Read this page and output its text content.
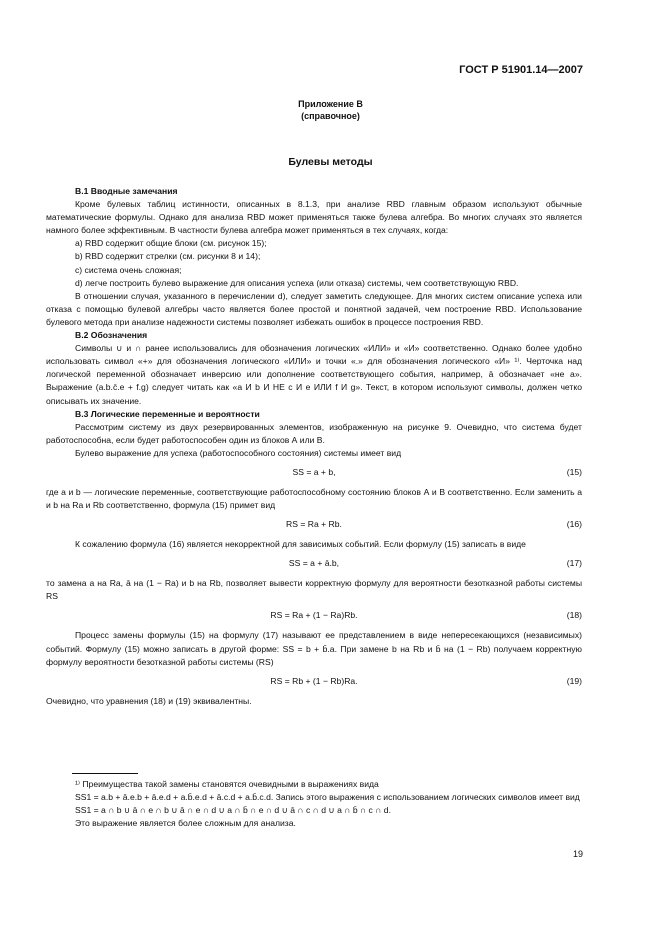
ГОСТ Р 51901.14—2007
Приложение В
(справочное)
Булевы методы

В.1 Вводные замечания

Кроме булевых таблиц истинности, описанных в 8.1.3, при анализе RBD главным образом используют обычные математические формулы. Однако для анализа RBD может применяться также булева алгебра. Во многих случаях это является намного более эффективным. В частности булева алгебра может применяться в тех случаях, когда:

a) RBD содержит общие блоки (см. рисунок 15);

b) RBD содержит стрелки (см. рисунки 8 и 14);

c) система очень сложная;

d) легче построить булево выражение для описания успеха (или отказа) системы, чем соответствующую RBD.

В отношении случая, указанного в перечислении d), следует заметить следующее. Для многих систем описание успеха или отказа с помощью булевой алгебры часто является более простой и понятной задачей, чем построение RBD. Использование булевого метода при анализе надежности системы позволяет избежать ошибок в процессе построения RBD.

В.2 Обозначения

Символы ∪ и ∩ ранее использовались для обозначения логических «ИЛИ» и «И» соответственно. Однако более удобно использовать символ «+» для обозначения логического «ИЛИ» и точки «.» для обозначения логического «И» ¹⁾. Черточка над логической переменной обозначает инверсию или дополнение соответствующего события, например, ā обозначает «не a». Выражение (a.b.c̄.e + f.g) следует читать как «a И b И НЕ c И e ИЛИ f И g». Текст, в котором используют символы, должен четко описывать их значение.

В.3 Логические переменные и вероятности

Рассмотрим систему из двух резервированных элементов, изображенную на рисунке 9. Очевидно, что система будет работоспособна, если будет работоспособен один из блоков А или В.

Булево выражение для успеха (работоспособного состояния) системы имеет вид

SS = a + b,	(15)

где a и b — логические переменные, соответствующие работоспособному состоянию блоков А и В соответственно. Если заменить a и b на Ra и Rb соответственно, формула (15) примет вид

RS = Ra + Rb.	(16)

К сожалению формула (16) является некорректной для зависимых событий. Если формулу (15) записать в виде

SS = a + ā.b,	(17)

то замена a на Ra, ā на (1 − Ra) и b на Rb, позволяет вывести корректную формулу для вероятности безотказной работы системы RS

RS = Ra + (1 − Ra)Rb.	(18)

Процесс замены формулы (15) на формулу (17) называют ее представлением в виде непересекающихся (независимых) событий. Формулу (15) можно записать в другой форме: SS = b + b̄.a. При замене b на Rb и b̄ на (1 − Rb) получаем корректную формулу вероятности безотказной работы системы (RS)

RS = Rb + (1 − Rb)Ra.	(19)

Очевидно, что уравнения (18) и (19) эквивалентны.

¹⁾ Преимущества такой замены становятся очевидными в выражениях вида

SS1 = a.b + ā.e.b + ā.e.d + a.b̄.e.d + ā.c.d + a.b̄.c.d. Запись этого выражения с использованием логических символов имеет вид

SS1 = a ∩ b ∪ ā ∩ e ∩ b ∪ ā ∩ e ∩ d ∪ a ∩ b̄ ∩ e ∩ d ∪ ā ∩ c ∩ d ∪ a ∩ b̄ ∩ c ∩ d.

Это выражение является более сложным для анализа.

19
